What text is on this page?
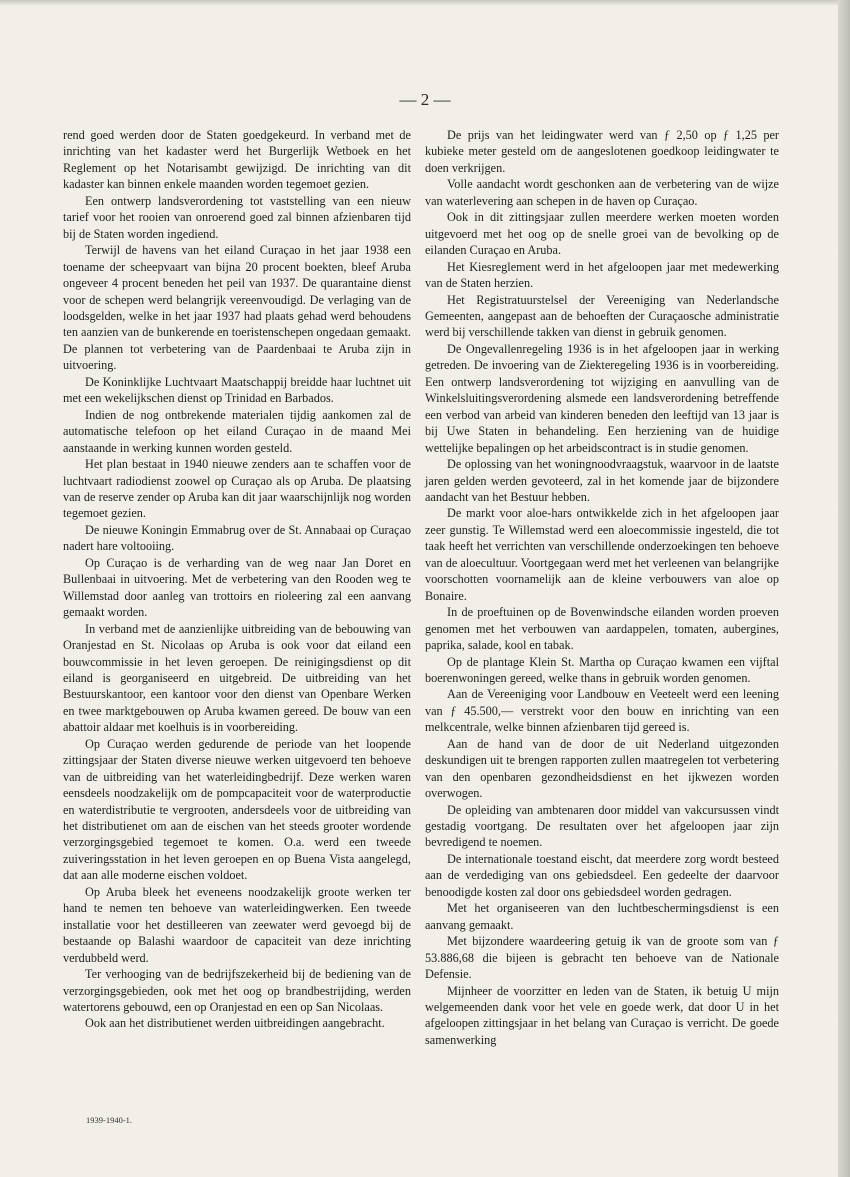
— 2 —

rend goed werden door de Staten goedgekeurd. In verband met de inrichting van het kadaster werd het Burgerlijk Wetboek en het Reglement op het Notarisambt gewijzigd. De inrichting van dit kadaster kan binnen enkele maanden worden tegemoet gezien.

Een ontwerp landsverordening tot vaststelling van een nieuw tarief voor het rooien van onroerend goed zal binnen afzienbaren tijd bij de Staten worden ingediend.

Terwijl de havens van het eiland Curaçao in het jaar 1938 een toename der scheepvaart van bijna 20 procent boekten, bleef Aruba ongeveer 4 procent beneden het peil van 1937. De quarantaine dienst voor de schepen werd belangrijk vereenvoudigd. De verlaging van de loodsgelden, welke in het jaar 1937 had plaats gehad werd behoudens ten aanzien van de bunkerende en toeristenschepen ongedaan gemaakt. De plannen tot verbetering van de Paardenbaai te Aruba zijn in uitvoering.

De Koninklijke Luchtvaart Maatschappij breidde haar luchtnet uit met een wekelijkschen dienst op Trinidad en Barbados.

Indien de nog ontbrekende materialen tijdig aankomen zal de automatische telefoon op het eiland Curaçao in de maand Mei aanstaande in werking kunnen worden gesteld.

Het plan bestaat in 1940 nieuwe zenders aan te schaffen voor de luchtvaart radiodienst zoowel op Curaçao als op Aruba. De plaatsing van de reserve zender op Aruba kan dit jaar waarschijnlijk nog worden tegemoet gezien.

De nieuwe Koningin Emmabrug over de St. Annabaai op Curaçao nadert hare voltooiing.

Op Curaçao is de verharding van de weg naar Jan Doret en Bullenbaai in uitvoering. Met de verbetering van den Rooden weg te Willemstad door aanleg van trottoirs en rioleering zal een aanvang gemaakt worden.

In verband met de aanzienlijke uitbreiding van de bebouwing van Oranjestad en St. Nicolaas op Aruba is ook voor dat eiland een bouwcommissie in het leven geroepen. De reinigingsdienst op dit eiland is georganiseerd en uitgebreid. De uitbreiding van het Bestuurskantoor, een kantoor voor den dienst van Openbare Werken en twee marktgebouwen op Aruba kwamen gereed. De bouw van een abattoir aldaar met koelhuis is in voorbereiding.

Op Curaçao werden gedurende de periode van het loopende zittingsjaar der Staten diverse nieuwe werken uitgevoerd ten behoeve van de uitbreiding van het waterleidingbedrijf. Deze werken waren eensdeels noodzakelijk om de pompcapaciteit voor de waterproductie en waterdistributie te vergrooten, andersdeels voor de uitbreiding van het distributienet om aan de eischen van het steeds grooter wordende verzorgingsgebied tegemoet te komen. O.a. werd een tweede zuiveringsstation in het leven geroepen en op Buena Vista aangelegd, dat aan alle moderne eischen voldoet.

Op Aruba bleek het eveneens noodzakelijk groote werken ter hand te nemen ten behoeve van waterleidingwerken. Een tweede installatie voor het destilleeren van zeewater werd gevoegd bij de bestaande op Balashi waardoor de capaciteit van deze inrichting verdubbeld werd.

Ter verhooging van de bedrijfszekerheid bij de bediening van de verzorgingsgebieden, ook met het oog op brandbestrijding, werden watertorens gebouwd, een op Oranjestad en een op San Nicolaas.

Ook aan het distributienet werden uitbreidingen aangebracht.

De prijs van het leidingwater werd van ƒ 2,50 op ƒ 1,25 per kubieke meter gesteld om de aangeslotenen goedkoop leidingwater te doen verkrijgen.

Volle aandacht wordt geschonken aan de verbetering van de wijze van waterlevering aan schepen in de haven op Curaçao.

Ook in dit zittingsjaar zullen meerdere werken moeten worden uitgevoerd met het oog op de snelle groei van de bevolking op de eilanden Curaçao en Aruba.

Het Kiesreglement werd in het afgeloopen jaar met medewerking van de Staten herzien.

Het Registratuurstelsel der Vereeniging van Nederlandsche Gemeenten, aangepast aan de behoeften der Curaçaosche administratie werd bij verschillende takken van dienst in gebruik genomen.

De Ongevallenregeling 1936 is in het afgeloopen jaar in werking getreden. De invoering van de Ziekteregeling 1936 is in voorbereiding. Een ontwerp landsverordening tot wijziging en aanvulling van de Winkelsluitingsverordening alsmede een landsverordening betreffende een verbod van arbeid van kinderen beneden den leeftijd van 13 jaar is bij Uwe Staten in behandeling. Een herziening van de huidige wettelijke bepalingen op het arbeidscontract is in studie genomen.

De oplossing van het woningnoodvraagstuk, waarvoor in de laatste jaren gelden werden gevoteerd, zal in het komende jaar de bijzondere aandacht van het Bestuur hebben.

De markt voor aloe-hars ontwikkelde zich in het afgeloopen jaar zeer gunstig. Te Willemstad werd een aloecommissie ingesteld, die tot taak heeft het verrichten van verschillende onderzoekingen ten behoeve van de aloecultuur. Voortgegaan werd met het verleenen van belangrijke voorschotten voornamelijk aan de kleine verbouwers van aloe op Bonaire.

In de proeftuinen op de Bovenwindsche eilanden worden proeven genomen met het verbouwen van aardappelen, tomaten, aubergines, paprika, salade, kool en tabak.

Op de plantage Klein St. Martha op Curaçao kwamen een vijftal boerenwoningen gereed, welke thans in gebruik worden genomen.

Aan de Vereeniging voor Landbouw en Veeteelt werd een leening van ƒ 45.500,— verstrekt voor den bouw en inrichting van een melkcentrale, welke binnen afzienbaren tijd gereed is.

Aan de hand van de door de uit Nederland uitgezonden deskundigen uit te brengen rapporten zullen maatregelen tot verbetering van den openbaren gezondheidsdienst en het ijkwezen worden overwogen.

De opleiding van ambtenaren door middel van vakcursussen vindt gestadig voortgang. De resultaten over het afgeloopen jaar zijn bevredigend te noemen.

De internationale toestand eischt, dat meerdere zorg wordt besteed aan de verdediging van ons gebiedsdeel. Een gedeelte der daarvoor benoodigde kosten zal door ons gebiedsdeel worden gedragen.

Met het organiseeren van den luchtbeschermingsdienst is een aanvang gemaakt.

Met bijzondere waardeering getuig ik van de groote som van ƒ 53.886,68 die bijeen is gebracht ten behoeve van de Nationale Defensie.

Mijnheer de voorzitter en leden van de Staten, ik betuig U mijn welgemeenden dank voor het vele en goede werk, dat door U in het afgeloopen zittingsjaar in het belang van Curaçao is verricht. De goede samenwerking

1939-1940-1.
